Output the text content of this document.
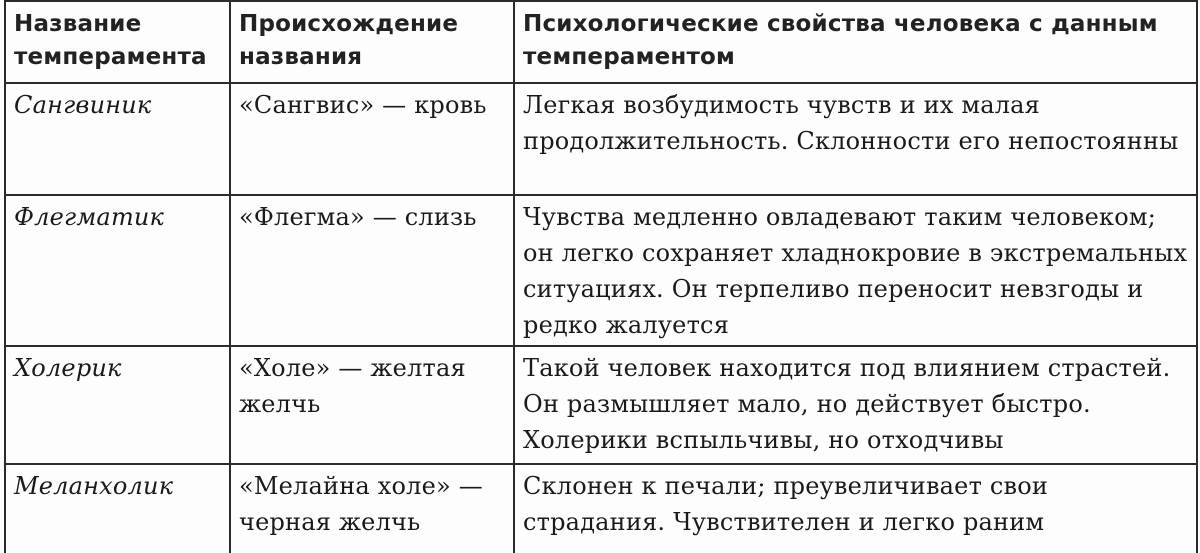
Название темперамента	Происхождение названия	Психологические свойства человека с данным темпераментом

Сангвиник	«Сангвис» — кровь	Легкая возбудимость чувств и их малая продолжительность. Склонности его непостоянны

Флегматик	«Флегма» — слизь	Чувства медленно овладевают таким человеком; он легко сохраняет хладнокровие в экстремальных ситуациях. Он терпеливо переносит невзгоды и редко жалуется

Холерик	«Холе» — желтая желчь	Такой человек находится под влиянием страстей. Он размышляет мало, но действует быстро. Холерики вспыльчивы, но отходчивы

Меланхолик	«Мелайна холе» — черная желчь	Склонен к печали; преувеличивает свои страдания. Чувствителен и легко раним
